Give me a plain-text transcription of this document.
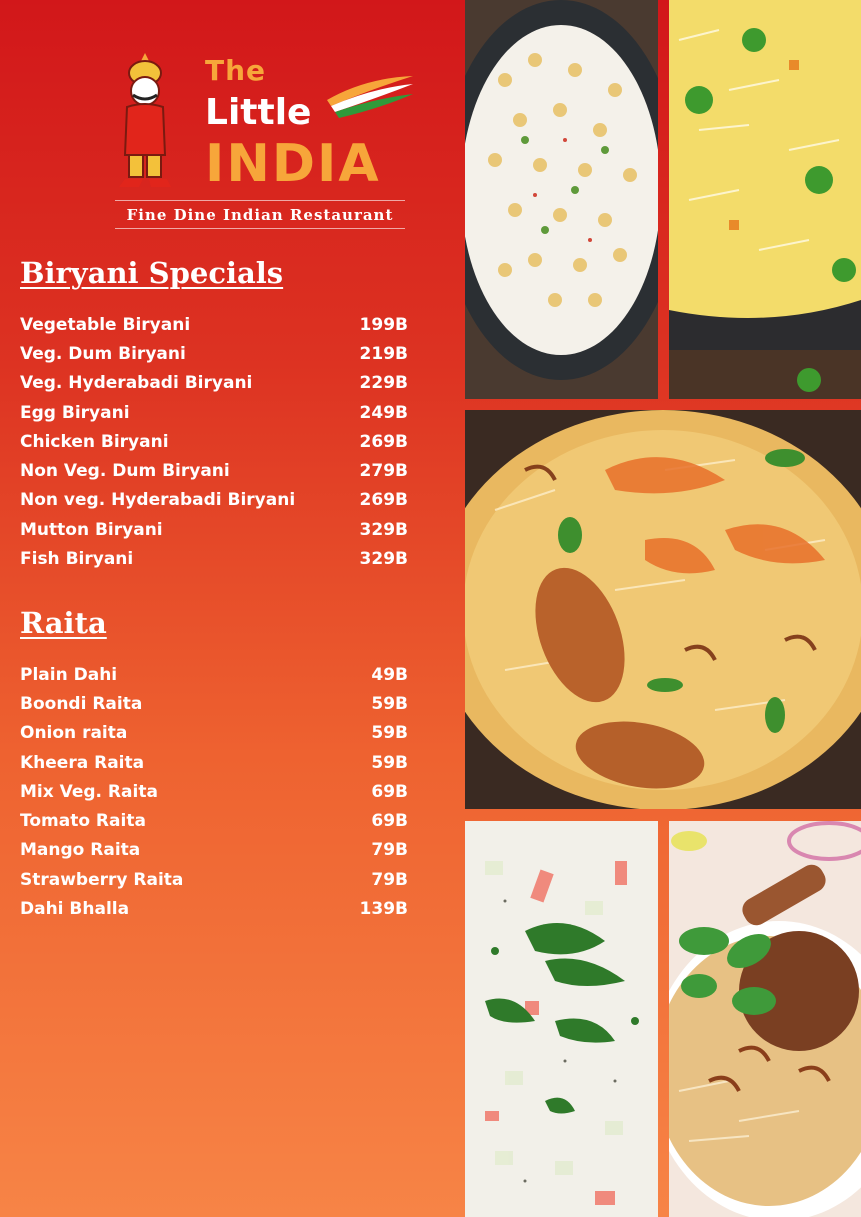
The
Little
INDIA
Fine Dine Indian Restaurant
Biryani Specials
Vegetable Biryani	199B
Veg. Dum Biryani	219B
Veg. Hyderabadi Biryani	229B
Egg Biryani	249B
Chicken Biryani	269B
Non Veg. Dum Biryani	279B
Non veg. Hyderabadi Biryani	269B
Mutton Biryani	329B
Fish Biryani	329B
Raita
Plain Dahi	49B
Boondi Raita	59B
Onion raita	59B
Kheera Raita	59B
Mix Veg. Raita	69B
Tomato Raita	69B
Mango Raita	79B
Strawberry Raita	79B
Dahi Bhalla	139B
